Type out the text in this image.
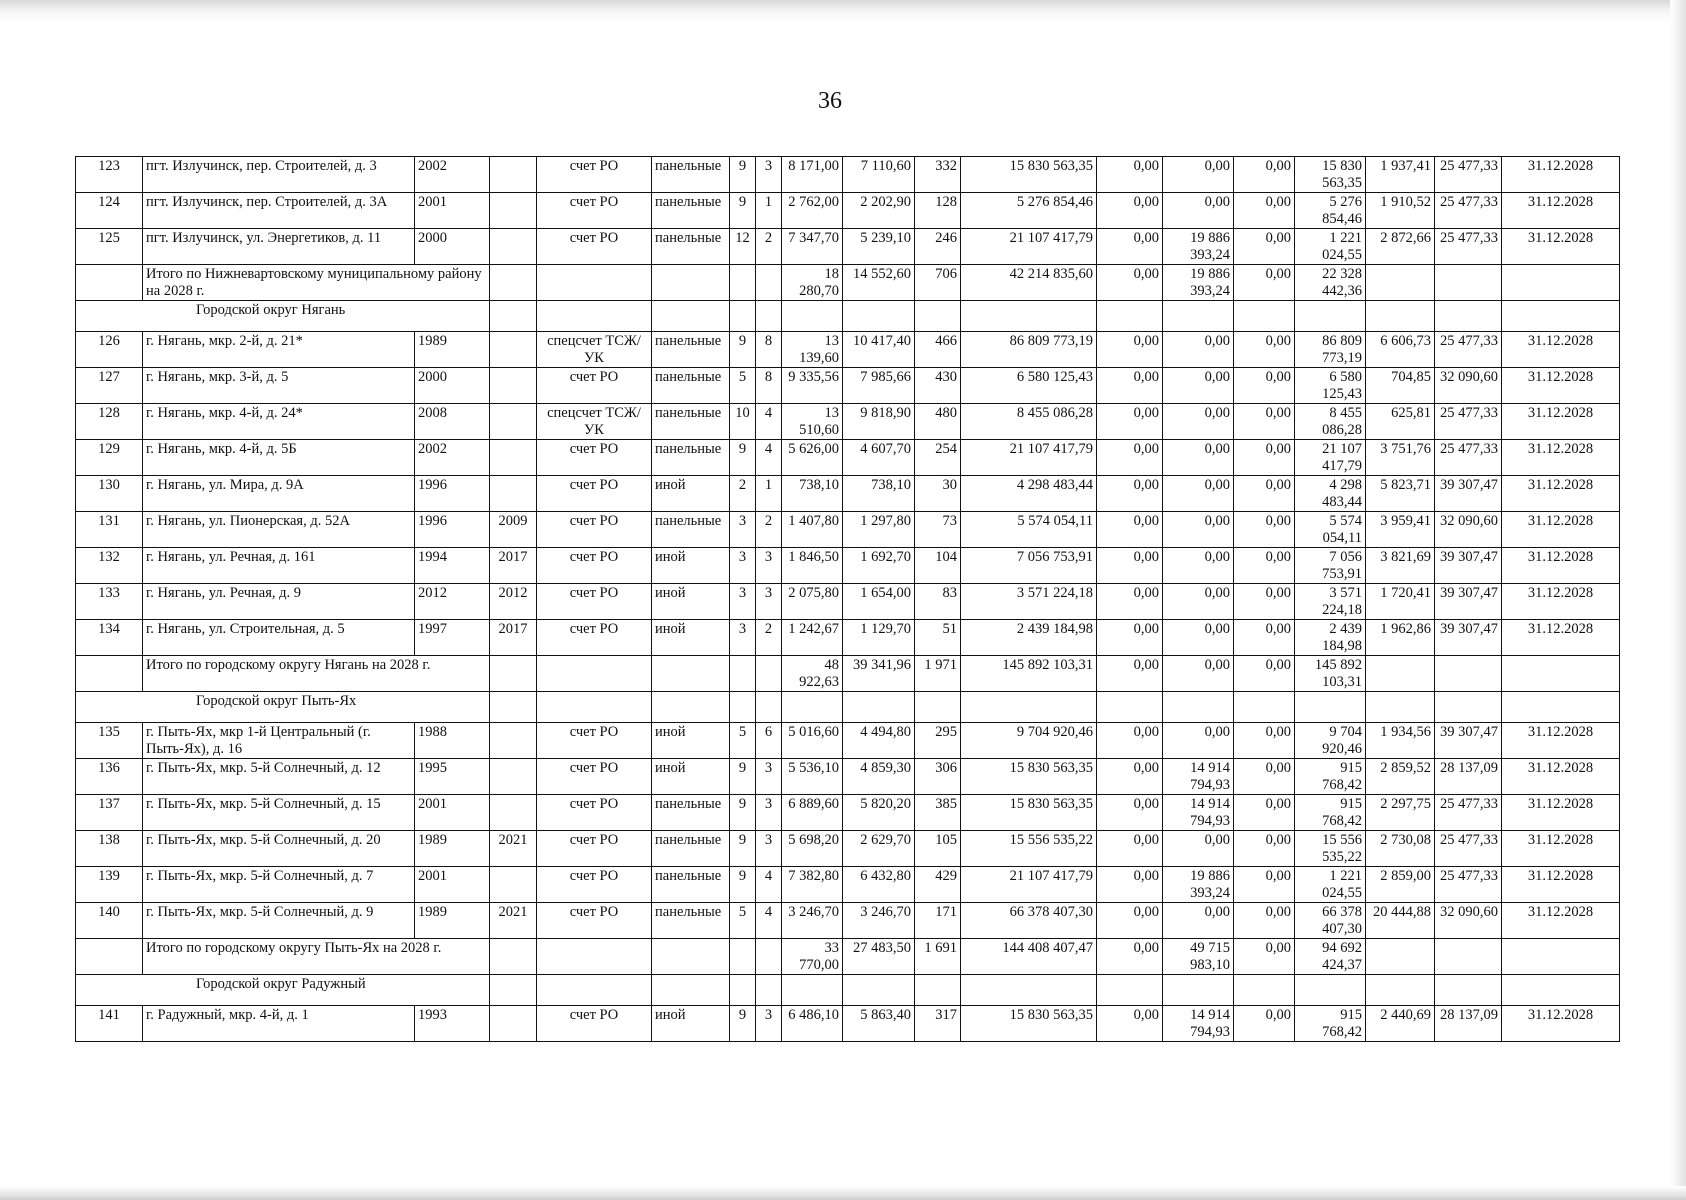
36
123	пгт. Излучинск, пер. Строителей, д. 3	2002		счет РО	панельные	9	3	8 171,00	7 110,60	332	15 830 563,35	0,00	0,00	0,00	15 830 563,35	1 937,41	25 477,33	31.12.2028
124	пгт. Излучинск, пер. Строителей, д. 3А	2001		счет РО	панельные	9	1	2 762,00	2 202,90	128	5 276 854,46	0,00	0,00	0,00	5 276 854,46	1 910,52	25 477,33	31.12.2028
125	пгт. Излучинск, ул. Энергетиков, д. 11	2000		счет РО	панельные	12	2	7 347,70	5 239,10	246	21 107 417,79	0,00	19 886 393,24	0,00	1 221 024,55	2 872,66	25 477,33	31.12.2028
	Итого по Нижневартовскому муниципальному району на 2028 г.							18 280,70	14 552,60	706	42 214 835,60	0,00	19 886 393,24	0,00	22 328 442,36			
Городской округ Нягань																		
126	г. Нягань, мкр. 2-й, д. 21*	1989		спецсчет ТСЖ/УК	панельные	9	8	13 139,60	10 417,40	466	86 809 773,19	0,00	0,00	0,00	86 809 773,19	6 606,73	25 477,33	31.12.2028
127	г. Нягань, мкр. 3-й, д. 5	2000		счет РО	панельные	5	8	9 335,56	7 985,66	430	6 580 125,43	0,00	0,00	0,00	6 580 125,43	704,85	32 090,60	31.12.2028
128	г. Нягань, мкр. 4-й, д. 24*	2008		спецсчет ТСЖ/УК	панельные	10	4	13 510,60	9 818,90	480	8 455 086,28	0,00	0,00	0,00	8 455 086,28	625,81	25 477,33	31.12.2028
129	г. Нягань, мкр. 4-й, д. 5Б	2002		счет РО	панельные	9	4	5 626,00	4 607,70	254	21 107 417,79	0,00	0,00	0,00	21 107 417,79	3 751,76	25 477,33	31.12.2028
130	г. Нягань, ул. Мира, д. 9А	1996		счет РО	иной	2	1	738,10	738,10	30	4 298 483,44	0,00	0,00	0,00	4 298 483,44	5 823,71	39 307,47	31.12.2028
131	г. Нягань, ул. Пионерская, д. 52А	1996	2009	счет РО	панельные	3	2	1 407,80	1 297,80	73	5 574 054,11	0,00	0,00	0,00	5 574 054,11	3 959,41	32 090,60	31.12.2028
132	г. Нягань, ул. Речная, д. 161	1994	2017	счет РО	иной	3	3	1 846,50	1 692,70	104	7 056 753,91	0,00	0,00	0,00	7 056 753,91	3 821,69	39 307,47	31.12.2028
133	г. Нягань, ул. Речная, д. 9	2012	2012	счет РО	иной	3	3	2 075,80	1 654,00	83	3 571 224,18	0,00	0,00	0,00	3 571 224,18	1 720,41	39 307,47	31.12.2028
134	г. Нягань, ул. Строительная, д. 5	1997	2017	счет РО	иной	3	2	1 242,67	1 129,70	51	2 439 184,98	0,00	0,00	0,00	2 439 184,98	1 962,86	39 307,47	31.12.2028
	Итого по городскому округу Нягань на 2028 г.							48 922,63	39 341,96	1 971	145 892 103,31	0,00	0,00	0,00	145 892 103,31			
Городской округ Пыть-Ях																		
135	г. Пыть-Ях, мкр 1-й Центральный (г. Пыть-Ях), д. 16	1988		счет РО	иной	5	6	5 016,60	4 494,80	295	9 704 920,46	0,00	0,00	0,00	9 704 920,46	1 934,56	39 307,47	31.12.2028
136	г. Пыть-Ях, мкр. 5-й Солнечный, д. 12	1995		счет РО	иной	9	3	5 536,10	4 859,30	306	15 830 563,35	0,00	14 914 794,93	0,00	915 768,42	2 859,52	28 137,09	31.12.2028
137	г. Пыть-Ях, мкр. 5-й Солнечный, д. 15	2001		счет РО	панельные	9	3	6 889,60	5 820,20	385	15 830 563,35	0,00	14 914 794,93	0,00	915 768,42	2 297,75	25 477,33	31.12.2028
138	г. Пыть-Ях, мкр. 5-й Солнечный, д. 20	1989	2021	счет РО	панельные	9	3	5 698,20	2 629,70	105	15 556 535,22	0,00	0,00	0,00	15 556 535,22	2 730,08	25 477,33	31.12.2028
139	г. Пыть-Ях, мкр. 5-й Солнечный, д. 7	2001		счет РО	панельные	9	4	7 382,80	6 432,80	429	21 107 417,79	0,00	19 886 393,24	0,00	1 221 024,55	2 859,00	25 477,33	31.12.2028
140	г. Пыть-Ях, мкр. 5-й Солнечный, д. 9	1989	2021	счет РО	панельные	5	4	3 246,70	3 246,70	171	66 378 407,30	0,00	0,00	0,00	66 378 407,30	20 444,88	32 090,60	31.12.2028
	Итого по городскому округу Пыть-Ях на 2028 г.							33 770,00	27 483,50	1 691	144 408 407,47	0,00	49 715 983,10	0,00	94 692 424,37			
Городской округ Радужный																		
141	г. Радужный, мкр. 4-й, д. 1	1993		счет РО	иной	9	3	6 486,10	5 863,40	317	15 830 563,35	0,00	14 914 794,93	0,00	915 768,42	2 440,69	28 137,09	31.12.2028
